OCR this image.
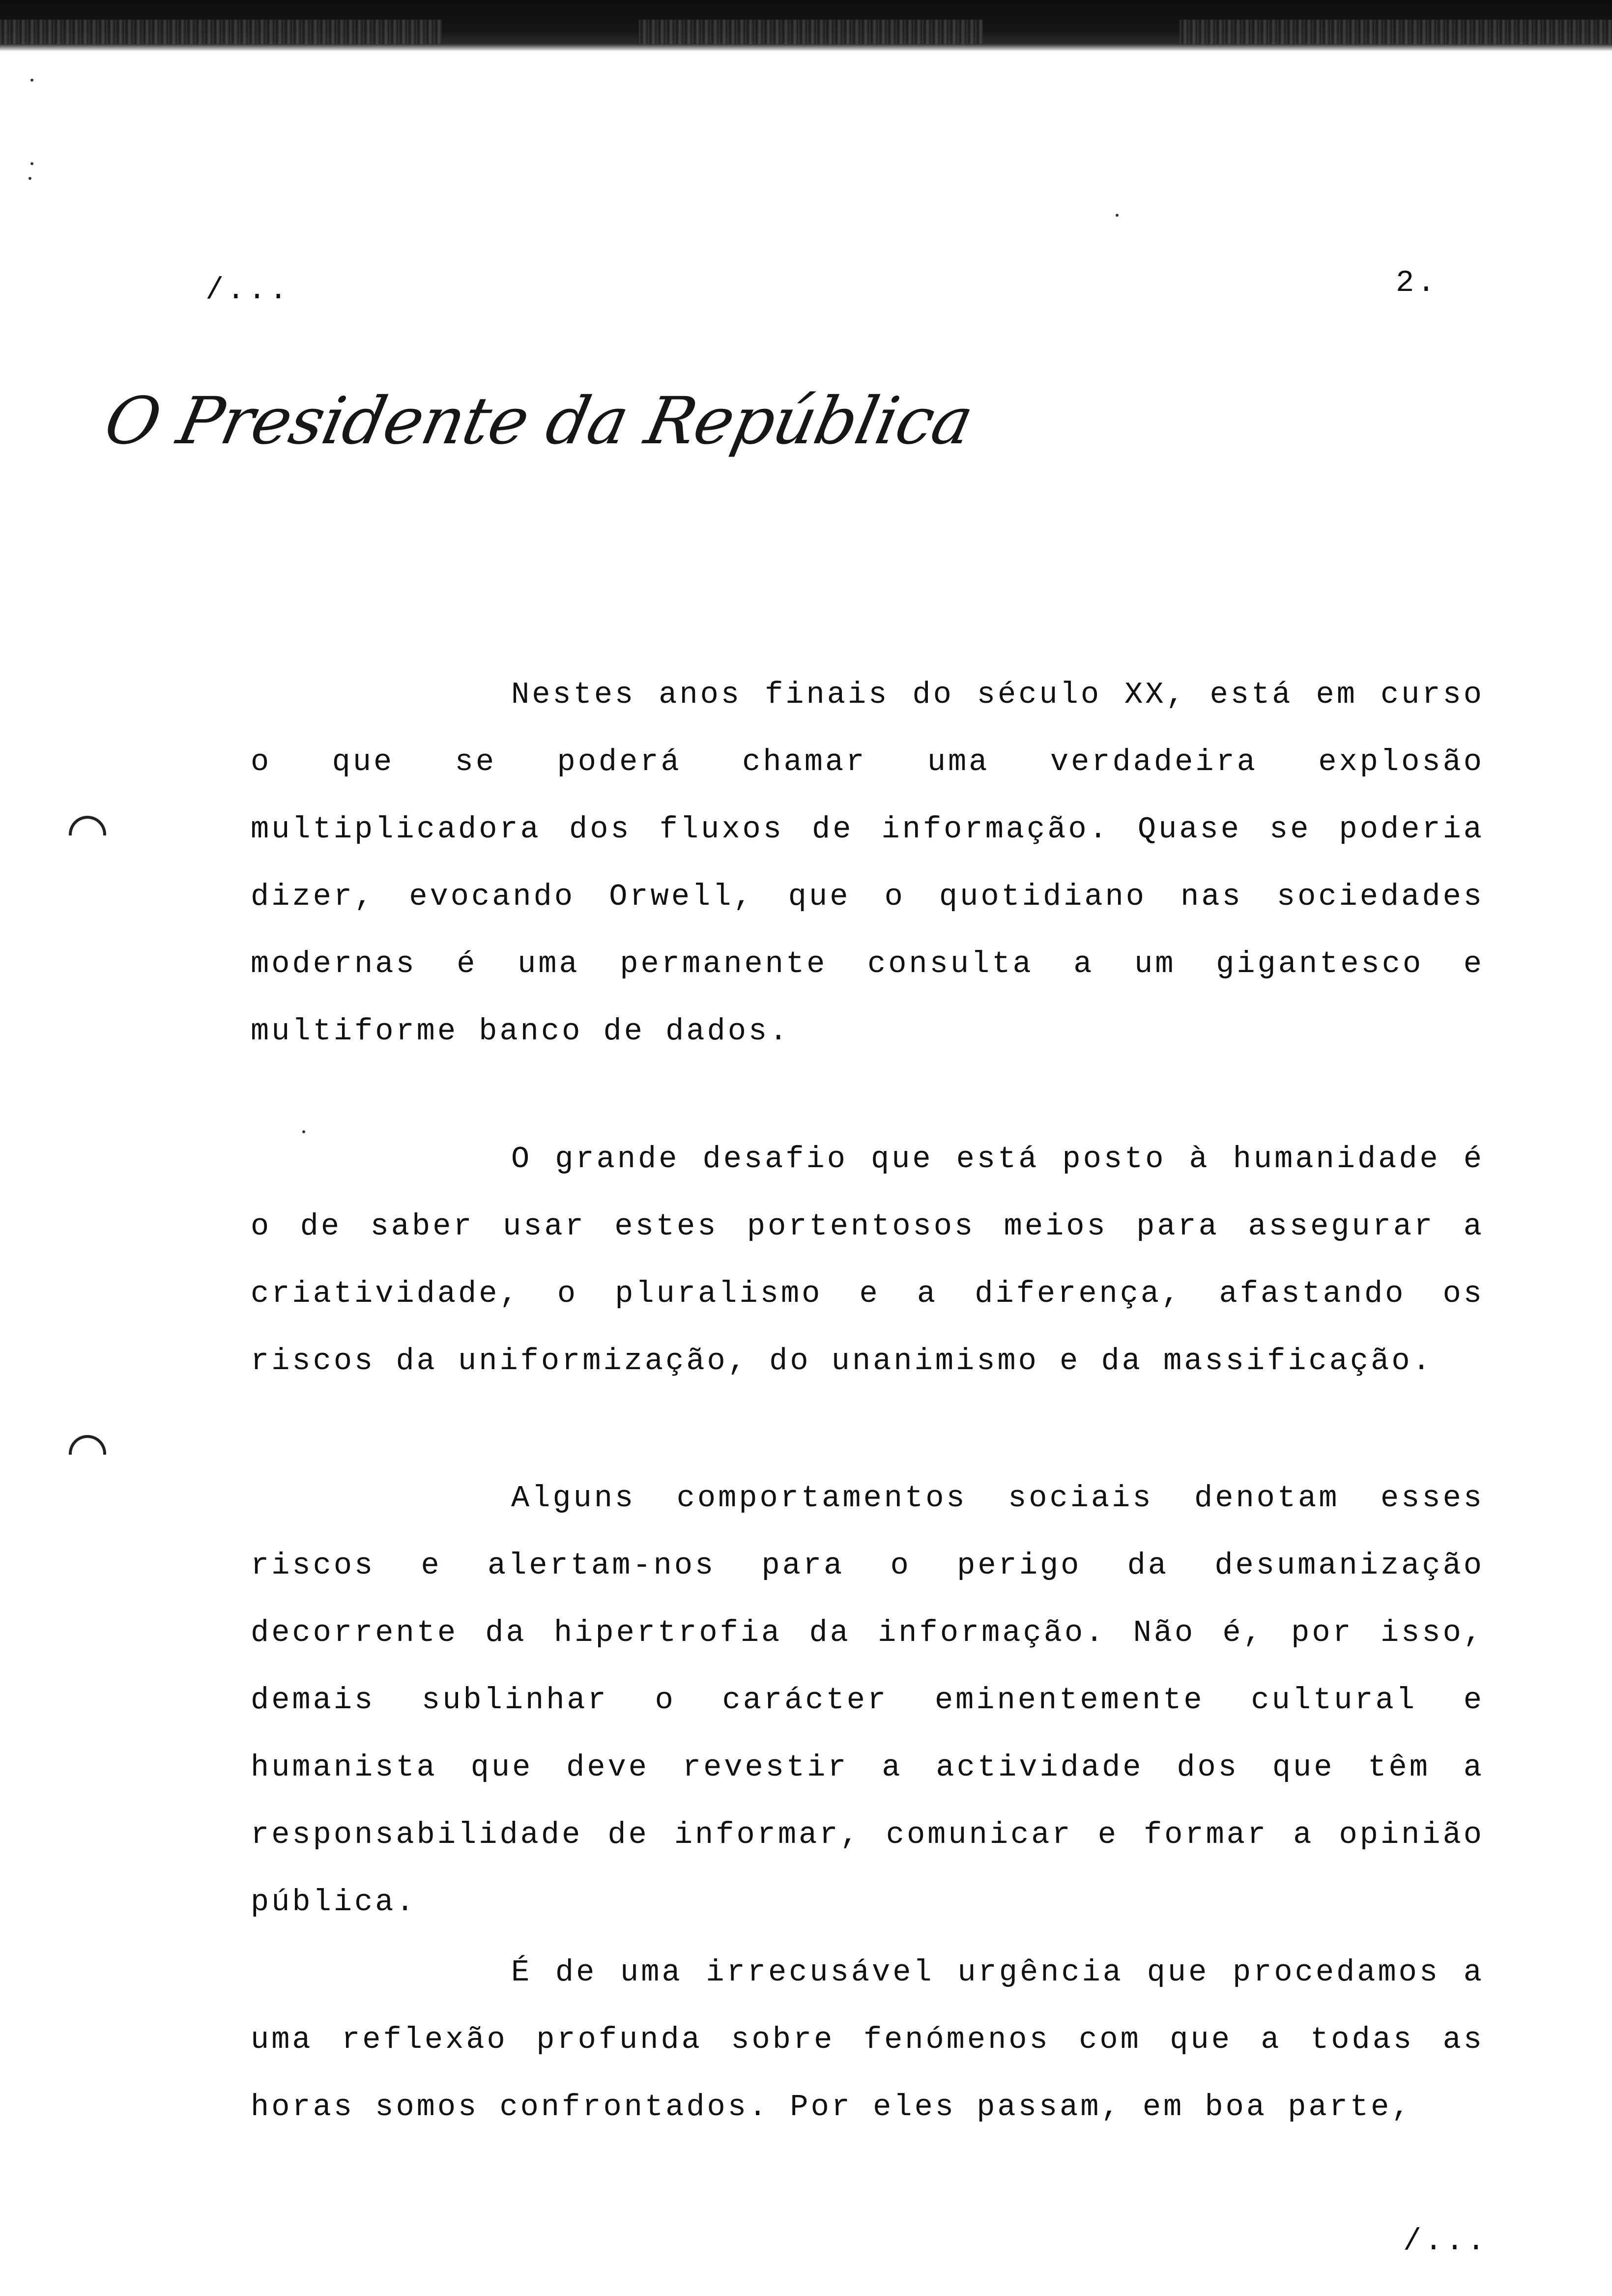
/...	2.
O Presidente da República

Nestes anos finais do século XX, está em curso o que se poderá chamar uma verdadeira explosão multiplicadora dos fluxos de informação. Quase se poderia dizer, evocando Orwell, que o quotidiano nas sociedades modernas é uma permanente consulta a um gigantesco e multiforme banco de dados.

O grande desafio que está posto à humanidade é o de saber usar estes portentosos meios para assegurar a criatividade, o pluralismo e a diferença, afastando os riscos da uniformização, do unanimismo e da massificação.

Alguns comportamentos sociais denotam esses riscos e alertam-nos para o perigo da desumanização decorrente da hipertrofia da informação. Não é, por isso, demais sublinhar o carácter eminentemente cultural e humanista que deve revestir a actividade dos que têm a responsabilidade de informar, comunicar e formar a opinião pública.

É de uma irrecusável urgência que procedamos a uma reflexão profunda sobre fenómenos com que a todas as horas somos confrontados. Por eles passam, em boa parte,

/...
